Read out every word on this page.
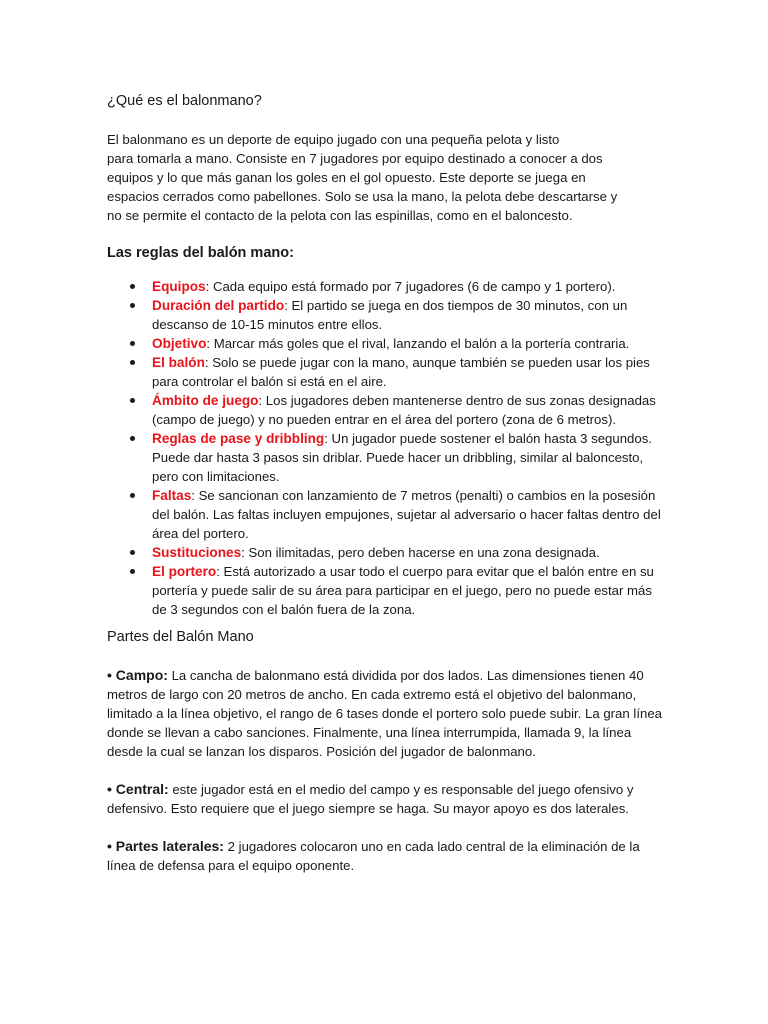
¿Qué es el balonmano?

El balonmano es un deporte de equipo jugado con una pequeña pelota y listo

para tomarla a mano. Consiste en 7 jugadores por equipo destinado a conocer a dos

equipos y lo que más ganan los goles en el gol opuesto. Este deporte se juega en

espacios cerrados como pabellones. Solo se usa la mano, la pelota debe descartarse y

no se permite el contacto de la pelota con las espinillas, como en el baloncesto.

Las reglas del balón mano:
Equipos: Cada equipo está formado por 7 jugadores (6 de campo y 1 portero).
Duración del partido: El partido se juega en dos tiempos de 30 minutos, con un descanso de 10-15 minutos entre ellos.
Objetivo: Marcar más goles que el rival, lanzando el balón a la portería contraria.
El balón: Solo se puede jugar con la mano, aunque también se pueden usar los pies para controlar el balón si está en el aire.
Ámbito de juego: Los jugadores deben mantenerse dentro de sus zonas designadas (campo de juego) y no pueden entrar en el área del portero (zona de 6 metros).
Reglas de pase y dribbling: Un jugador puede sostener el balón hasta 3 segundos. Puede dar hasta 3 pasos sin driblar. Puede hacer un dribbling, similar al baloncesto, pero con limitaciones.
Faltas: Se sancionan con lanzamiento de 7 metros (penalti) o cambios en la posesión del balón. Las faltas incluyen empujones, sujetar al adversario o hacer faltas dentro del área del portero.
Sustituciones: Son ilimitadas, pero deben hacerse en una zona designada.
El portero: Está autorizado a usar todo el cuerpo para evitar que el balón entre en su portería y puede salir de su área para participar en el juego, pero no puede estar más de 3 segundos con el balón fuera de la zona.
Partes del Balón Mano

• Campo: La cancha de balonmano está dividida por dos lados. Las dimensiones tienen 40 metros de largo con 20 metros de ancho. En cada extremo está el objetivo del balonmano, limitado a la línea objetivo, el rango de 6 tases donde el portero solo puede subir. La gran línea donde se llevan a cabo sanciones. Finalmente, una línea interrumpida, llamada 9, la línea desde la cual se lanzan los disparos. Posición del jugador de balonmano.

• Central: este jugador está en el medio del campo y es responsable del juego ofensivo y defensivo. Esto requiere que el juego siempre se haga. Su mayor apoyo es dos laterales.

• Partes laterales: 2 jugadores colocaron uno en cada lado central de la eliminación de la línea de defensa para el equipo oponente.
